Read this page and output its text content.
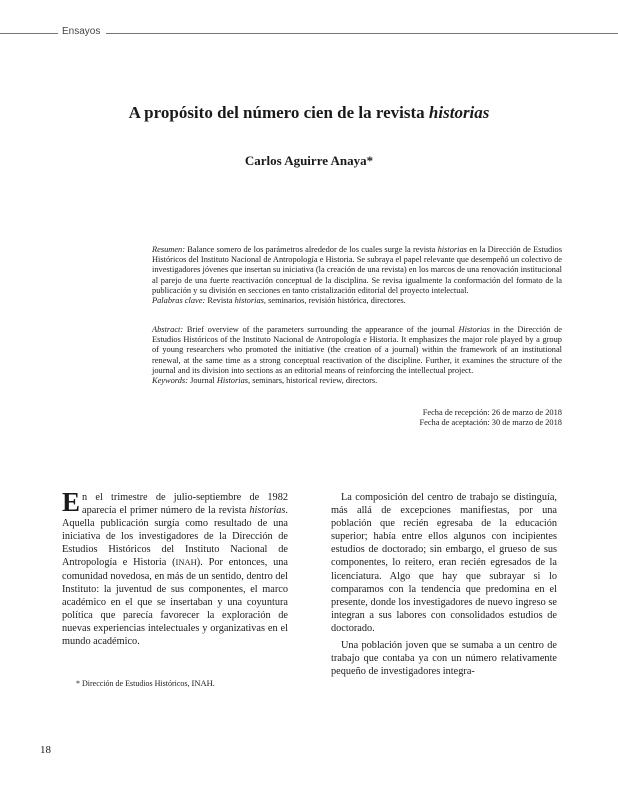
Ensayos
A propósito del número cien de la revista historias
Carlos Aguirre Anaya*
Resumen: Balance somero de los parámetros alrededor de los cuales surge la revista historias en la Dirección de Estudios Históricos del Instituto Nacional de Antropología e Historia. Se subraya el papel relevante que desempeñó un colectivo de investigadores jóvenes que insertan su iniciativa (la creación de una revista) en los marcos de una renovación institucional al parejo de una fuerte reactivación conceptual de la disciplina. Se revisa igualmente la conformación del formato de la publicación y su división en secciones en tanto cristalización editorial del proyecto intelectual.
Palabras clave: Revista historias, seminarios, revisión histórica, directores.
Abstract: Brief overview of the parameters surrounding the appearance of the journal Historias in the Dirección de Estudios Históricos of the Instituto Nacional de Antropología e Historia. It emphasizes the major role played by a group of young researchers who promoted the initiative (the creation of a journal) within the framework of an institutional renewal, at the same time as a strong conceptual reactivation of the discipline. Further, it examines the structure of the journal and its division into sections as an editorial means of reinforcing the intellectual project.
Keywords: Journal Historias, seminars, historical review, directors.
Fecha de recepción: 26 de marzo de 2018
Fecha de aceptación: 30 de marzo de 2018

En el trimestre de julio-septiembre de 1982 aparecía el primer número de la revista historias. Aquella publicación surgía como resultado de una iniciativa de los investigadores de la Dirección de Estudios Históricos del Instituto Nacional de Antropología e Historia (INAH). Por entonces, una comunidad novedosa, en más de un sentido, dentro del Instituto: la juventud de sus componentes, el marco académico en el que se insertaban y una coyuntura política que parecía favorecer la exploración de nuevas experiencias intelectuales y organizativas en el mundo académico.

La composición del centro de trabajo se distinguía, más allá de excepciones manifiestas, por una población que recién egresaba de la educación superior; había entre ellos algunos con incipientes estudios de doctorado; sin embargo, el grueso de sus componentes, lo reitero, eran recién egresados de la licenciatura. Algo que hay que subrayar si lo comparamos con la tendencia que predomina en el presente, donde los investigadores de nuevo ingreso se integran a sus labores con consolidados estudios de doctorado.

Una población joven que se sumaba a un centro de trabajo que contaba ya con un número relativamente pequeño de investigadores integra-

* Dirección de Estudios Históricos, INAH.
18
